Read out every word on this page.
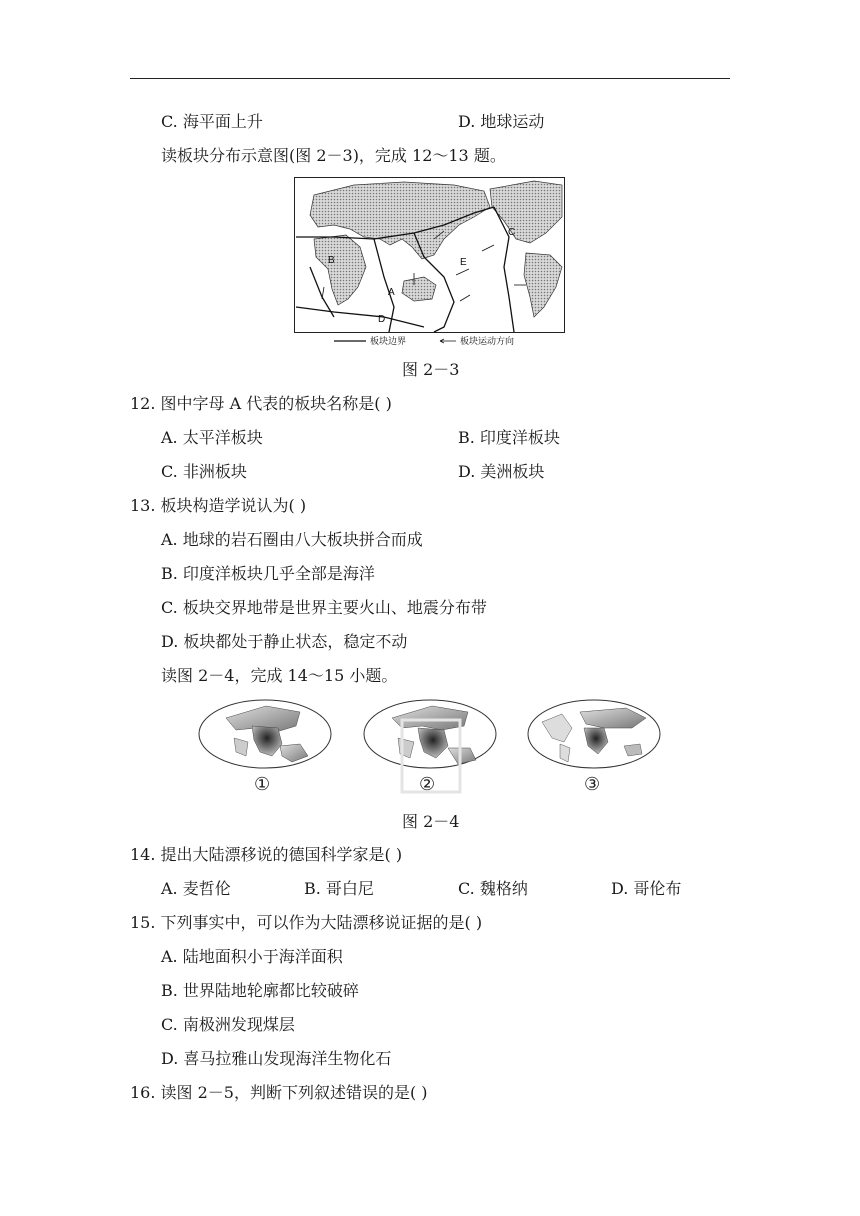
C. 海平面上升	D. 地球运动
读板块分布示意图(图 2－3)，完成 12～13 题。
A
B
C
D
E
板块边界	板块运动方向
图 2－3
12. 图中字母 A 代表的板块名称是( )
A. 太平洋板块	B. 印度洋板块
C. 非洲板块	D. 美洲板块
13. 板块构造学说认为( )
A. 地球的岩石圈由八大板块拼合而成
B. 印度洋板块几乎全部是海洋
C. 板块交界地带是世界主要火山、地震分布带
D. 板块都处于静止状态，稳定不动
读图 2－4，完成 14～15 小题。
①	②	③
图 2－4
14. 提出大陆漂移说的德国科学家是( )
A. 麦哲伦	B. 哥白尼	C. 魏格纳	D. 哥伦布
15. 下列事实中，可以作为大陆漂移说证据的是( )
A. 陆地面积小于海洋面积
B. 世界陆地轮廓都比较破碎
C. 南极洲发现煤层
D. 喜马拉雅山发现海洋生物化石
16. 读图 2－5，判断下列叙述错误的是( )
